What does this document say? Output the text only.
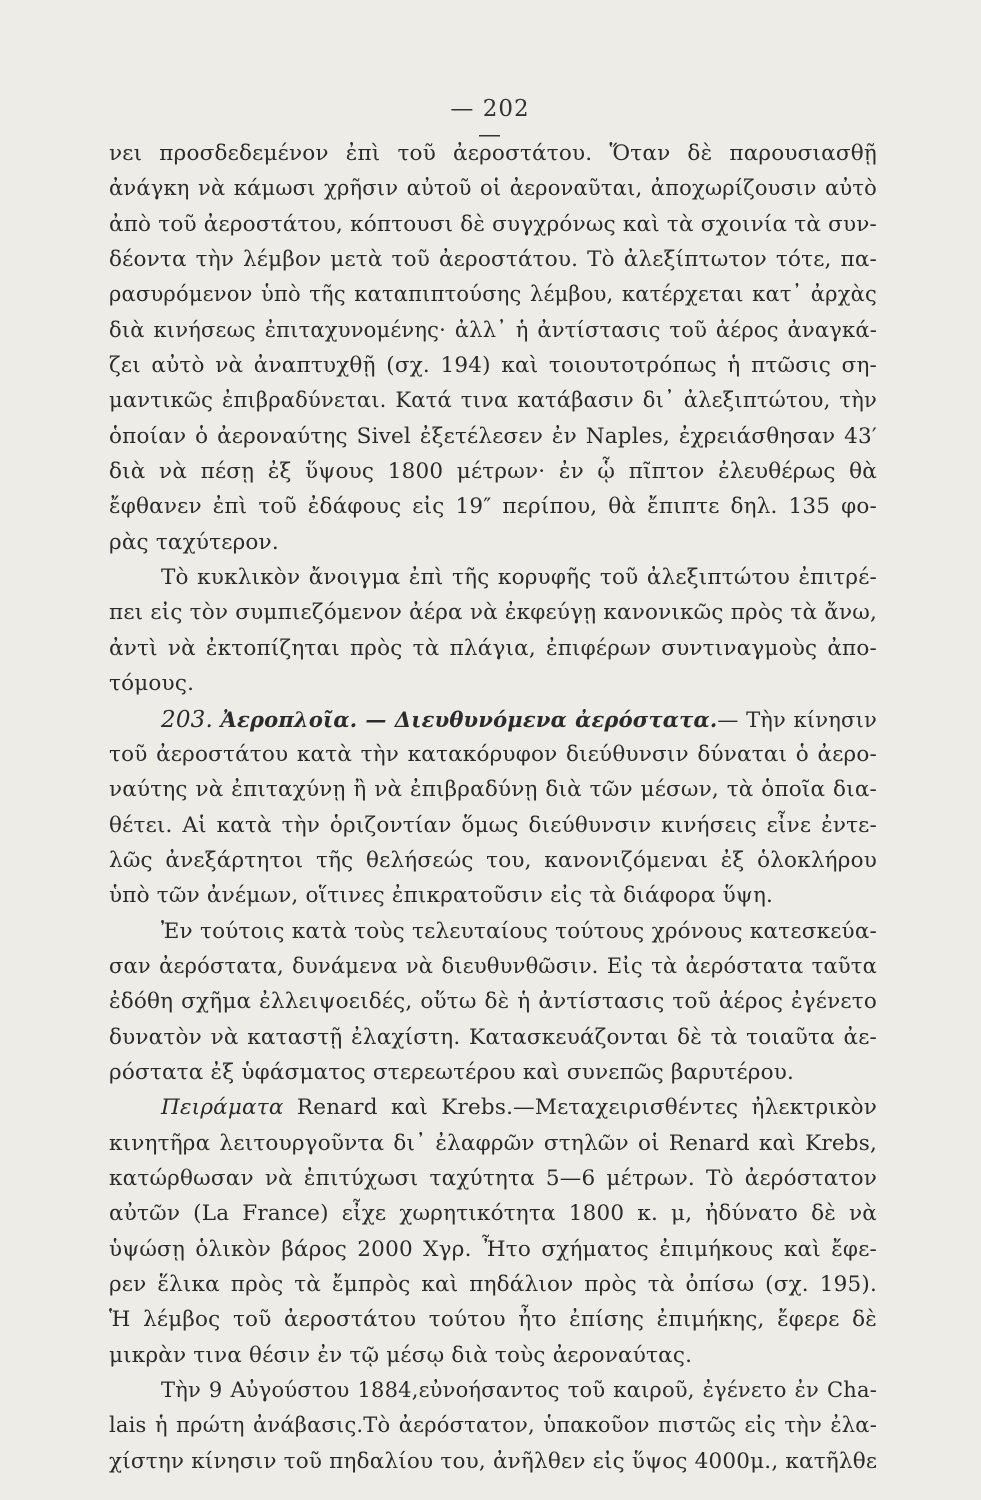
— 202 —
νει προσδεδεμένον ἐπὶ τοῦ ἀεροστάτου. Ὅταν δὲ παρουσιασθῇ
ἀνάγκη νὰ κάμωσι χρῆσιν αὐτοῦ οἱ ἀεροναῦται, ἀποχωρίζουσιν αὐτὸ
ἀπὸ τοῦ ἀεροστάτου, κόπτουσι δὲ συγχρόνως καὶ τὰ σχοινία τὰ συν-
δέοντα τὴν λέμβον μετὰ τοῦ ἀεροστάτου. Τὸ ἀλεξίπτωτον τότε, πα-
ρασυρόμενον ὑπὸ τῆς καταπιπτούσης λέμβου, κατέρχεται κατ᾽ ἀρχὰς
διὰ κινήσεως ἐπιταχυνομένης· ἀλλ᾽ ἡ ἀντίστασις τοῦ ἀέρος ἀναγκά-
ζει αὐτὸ νὰ ἀναπτυχθῇ (σχ. 194) καὶ τοιουτοτρόπως ἡ πτῶσις ση-
μαντικῶς ἐπιβραδύνεται. Κατά τινα κατάβασιν δι᾽ ἀλεξιπτώτου, τὴν
ὁποίαν ὁ ἀεροναύτης Sivel ἐξετέλεσεν ἐν Naples, ἐχρειάσθησαν 43′
διὰ νὰ πέσῃ ἐξ ὕψους 1800 μέτρων· ἐν ᾧ πῖπτον ἐλευθέρως θὰ
ἔφθανεν ἐπὶ τοῦ ἐδάφους εἰς 19″ περίπου, θὰ ἔπιπτε δηλ. 135 φο-
ρὰς ταχύτερον.
Τὸ κυκλικὸν ἄνοιγμα ἐπὶ τῆς κορυφῆς τοῦ ἀλεξιπτώτου ἐπιτρέ-
πει εἰς τὸν συμπιεζόμενον ἀέρα νὰ ἐκφεύγῃ κανονικῶς πρὸς τὰ ἄνω,
ἀντὶ νὰ ἐκτοπίζηται πρὸς τὰ πλάγια, ἐπιφέρων συντιναγμοὺς ἀπο-
τόμους.
203. Ἀεροπλοῖα. — Διευθυνόμενα ἀερόστατα.— Τὴν κίνησιν
τοῦ ἀεροστάτου κατὰ τὴν κατακόρυφον διεύθυνσιν δύναται ὁ ἀερο-
ναύτης νὰ ἐπιταχύνῃ ἢ νὰ ἐπιβραδύνῃ διὰ τῶν μέσων, τὰ ὁποῖα δια-
θέτει. Αἱ κατὰ τὴν ὁριζοντίαν ὅμως διεύθυνσιν κινήσεις εἶνε ἐντε-
λῶς ἀνεξάρτητοι τῆς θελήσεώς του, κανονιζόμεναι ἐξ ὁλοκλήρου
ὑπὸ τῶν ἀνέμων, οἵτινες ἐπικρατοῦσιν εἰς τὰ διάφορα ὕψη.
Ἐν τούτοις κατὰ τοὺς τελευταίους τούτους χρόνους κατεσκεύα-
σαν ἀερόστατα, δυνάμενα νὰ διευθυνθῶσιν. Εἰς τὰ ἀερόστατα ταῦτα
ἐδόθη σχῆμα ἐλλειψοειδές, οὕτω δὲ ἡ ἀντίστασις τοῦ ἀέρος ἐγένετο
δυνατὸν νὰ καταστῇ ἐλαχίστη. Κατασκευάζονται δὲ τὰ τοιαῦτα ἀε-
ρόστατα ἐξ ὑφάσματος στερεωτέρου καὶ συνεπῶς βαρυτέρου.
Πειράματα Renard καὶ Krebs.—Μεταχειρισθέντες ἠλεκτρικὸν
κινητῆρα λειτουργοῦντα δι᾽ ἐλαφρῶν στηλῶν οἱ Renard καὶ Krebs,
κατώρθωσαν νὰ ἐπιτύχωσι ταχύτητα 5—6 μέτρων. Τὸ ἀερόστατον
αὐτῶν (La France) εἶχε χωρητικότητα 1800 κ. μ, ἠδύνατο δὲ νὰ
ὑψώσῃ ὁλικὸν βάρος 2000 Χγρ. Ἦτο σχήματος ἐπιμήκους καὶ ἔφε-
ρεν ἕλικα πρὸς τὰ ἔμπρὸς καὶ πηδάλιον πρὸς τὰ ὀπίσω (σχ. 195).
Ἡ λέμβος τοῦ ἀεροστάτου τούτου ἦτο ἐπίσης ἐπιμήκης, ἔφερε δὲ
μικρὰν τινα θέσιν ἐν τῷ μέσῳ διὰ τοὺς ἀεροναύτας.
Τὴν 9 Αὐγούστου 1884,εὐνοήσαντος τοῦ καιροῦ, ἐγένετο ἐν Cha-
lais ἡ πρώτη ἀνάβασις.Τὸ ἀερόστατον, ὑπακοῦον πιστῶς εἰς τὴν ἐλα-
χίστην κίνησιν τοῦ πηδαλίου του, ἀνῆλθεν εἰς ὕψος 4000μ., κατῆλθε
